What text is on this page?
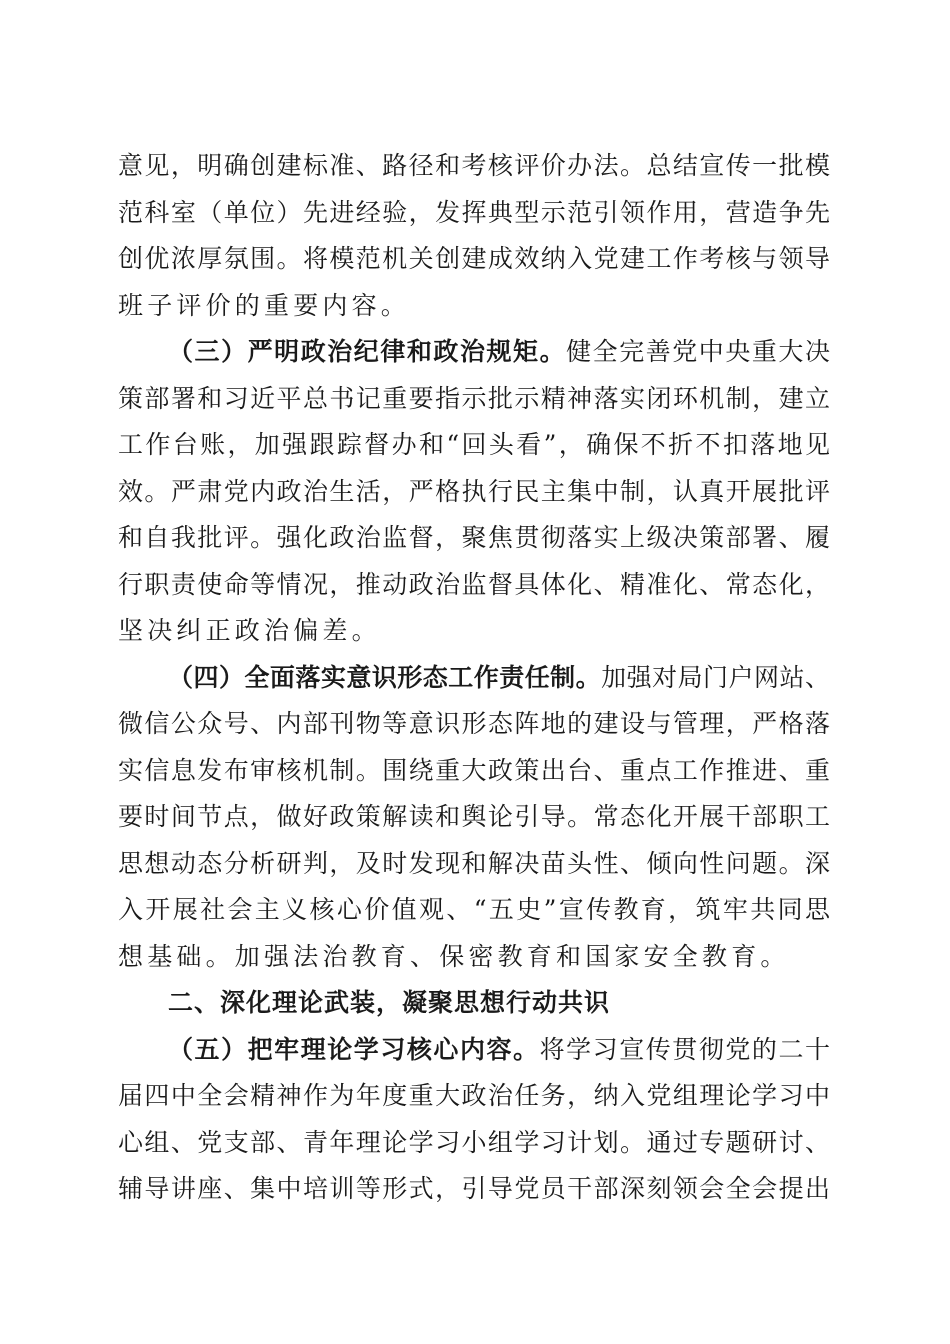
意见，明确创建标准、路径和考核评价办法。总结宣传一批模
范科室（单位）先进经验，发挥典型示范引领作用，营造争先
创优浓厚氛围。将模范机关创建成效纳入党建工作考核与领导
班子评价的重要内容。
（三）严明政治纪律和政治规矩。健全完善党中央重大决
策部署和习近平总书记重要指示批示精神落实闭环机制，建立
工作台账，加强跟踪督办和“回头看”，确保不折不扣落地见
效。严肃党内政治生活，严格执行民主集中制，认真开展批评
和自我批评。强化政治监督，聚焦贯彻落实上级决策部署、履
行职责使命等情况，推动政治监督具体化、精准化、常态化，
坚决纠正政治偏差。
（四）全面落实意识形态工作责任制。加强对局门户网站、
微信公众号、内部刊物等意识形态阵地的建设与管理，严格落
实信息发布审核机制。围绕重大政策出台、重点工作推进、重
要时间节点，做好政策解读和舆论引导。常态化开展干部职工
思想动态分析研判，及时发现和解决苗头性、倾向性问题。深
入开展社会主义核心价值观、“五史”宣传教育，筑牢共同思
想基础。加强法治教育、保密教育和国家安全教育。
二、深化理论武装，凝聚思想行动共识
（五）把牢理论学习核心内容。将学习宣传贯彻党的二十
届四中全会精神作为年度重大政治任务，纳入党组理论学习中
心组、党支部、青年理论学习小组学习计划。通过专题研讨、
辅导讲座、集中培训等形式，引导党员干部深刻领会全会提出
